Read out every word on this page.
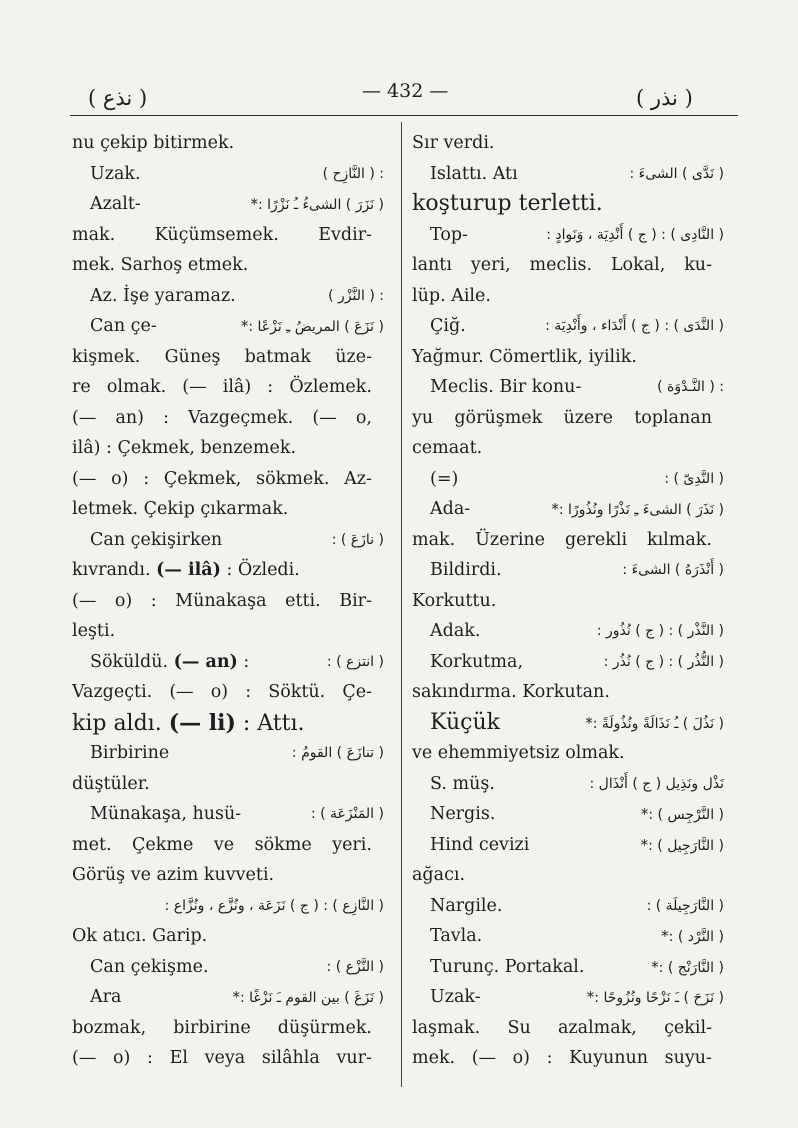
( نذع )	— 432 —	( نذر )
nu çekip bitirmek.
Uzak.	: ( النَّازِح )
Azalt-	( نَزَرَ ) الشیءُ ـُ نَزْرًا :*
mak. Küçümsemek. Evdir-
mek. Sarhoş etmek.
Az. İşe yaramaz.	: ( النَّزْر )
Can çe-	( نَزَعَ ) المريضُ ـِ نَزْعًا :*
kişmek. Güneş batmak üze-
re olmak. (— ilâ) : Özlemek.
(— an) : Vazgeçmek. (— o,
ilâ) : Çekmek, benzemek.
(— o) : Çekmek, sökmek. Az-
letmek. Çekip çıkarmak.
Can çekişirken	( نازَعَ ) :
kıvrandı. (— ilâ) : Özledi.
(— o) : Münakaşa etti. Bir-
leşti.
Söküldü. (— an) :	( انتزع ) :
Vazgeçti. (— o) : Söktü. Çe-
kip aldı. (— li) : Attı.
Birbirine	( تنازَعَ ) القومُ :
düştüler.
Münakaşa, husü-	( المَنْزَعَة ) :
met. Çekme ve sökme yeri.
Görüş ve azim kuvveti.
( النَّازِع ) : ( ج ) نَزَعَة ، ونُزَّع ، ونُزَّاع :
Ok atıcı. Garip.
Can çekişme.	( النَّزْع ) :
Ara	( نَزَغَ ) بين القوم ـَ نَزْغًا :*
bozmak, birbirine düşürmek.
(— o) : El veya silâhla vur-
Sır verdi.
Islattı. Atı	( نَدَّى ) الشیءَ :
koşturup terletti.
Top-	( النَّادِی ) : ( ج ) أَنْدِيَة ، وَنَوادٍ :
lantı yeri, meclis. Lokal, ku-
lüp. Aile.
Çiğ.	( النَّدَى ) : ( ج ) أَنْدَاء ، وأَنْدِيَة :
Yağmur. Cömertlik, iyilik.
Meclis. Bir konu-	: ( النَّـدْوَة )
yu görüşmek üzere toplanan
cemaat.
(=)	( النَّدِیّ ) :
Ada-	( نَذَرَ ) الشیءَ ـِ نَذْرًا ونُذُورًا :*
mak. Üzerine gerekli kılmak.
Bildirdi.	( أَنْذَرَهُ ) الشیءَ :
Korkuttu.
Adak.	( النَّذْر ) : ( ج ) نُذُور :
Korkutma,	( النُّذُر ) : ( ج ) نُذُر :
sakındırma. Korkutan.
Küçük	( نَذُلَ ) ـُ نَذَالَةً ونُذُولَةً :*
ve ehemmiyetsiz olmak.
S. müş.	نَذْل ونَذِيل ( ج ) أَنْذَال :
Nergis.	( النَّرْجِس ) :*
Hind cevizi	( النَّارَجِيل ) :*
ağacı.
Nargile.	( النَّارَجِيلَة ) :
Tavla.	( النَّرْد ) :*
Turunç. Portakal.	( النَّارَنْج ) :*
Uzak-	( نَزَحَ ) ـَ نَزْحًا ونُزُوحًا :*
laşmak. Su azalmak, çekil-
mek. (— o) : Kuyunun suyu-
